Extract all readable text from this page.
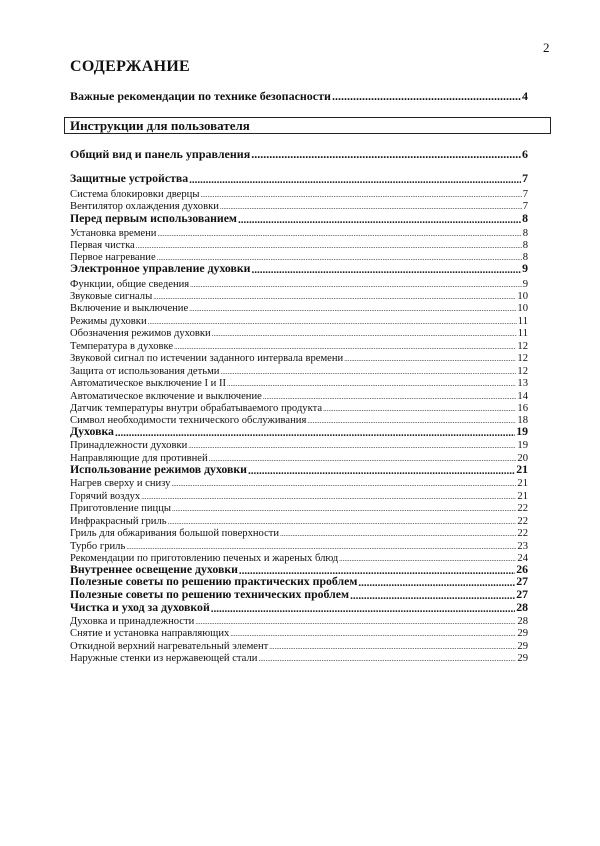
2
СОДЕРЖАНИЕ
Важные рекомендации по технике безопасности .....	4
Инструкции для пользователя
Общий вид и панель управления .....	6
Защитные устройства .....	7
Система блокировки дверцы .....	7
Вентилятор охлаждения духовки .....	7
Перед первым использованием .....	8
Установка времени .....	8
Первая чистка .....	8
Первое нагревание .....	8
Электронное управление духовки .....	9
Функции, общие сведения .....	9
Звуковые сигналы .....	10
Включение и выключение .....	10
Режимы духовки .....	11
Обозначения режимов духовки .....	11
Температура в духовке .....	12
Звуковой сигнал по истечении заданного интервала времени .....	12
Защита от использования детьми .....	12
Автоматическое выключение I и II .....	13
Автоматическое включение и выключение .....	14
Датчик температуры внутри обрабатываемого продукта .....	16
Символ необходимости технического обслуживания .....	18
Духовка .....	19
Принадлежности духовки .....	19
Направляющие для противней .....	20
Использование режимов духовки .....	21
Нагрев сверху и снизу .....	21
Горячий воздух .....	21
Приготовление пиццы .....	22
Инфракрасный гриль .....	22
Гриль для обжаривания большой поверхности .....	22
Турбо гриль .....	23
Рекомендации по приготовлению печеных и жареных блюд .....	24
Внутреннее освещение духовки .....	26
Полезные советы по решению практических проблем .....	27
Полезные советы по решению технических проблем .....	27
Чистка и уход за духовкой .....	28
Духовка и принадлежности .....	28
Снятие и установка направляющих .....	29
Откидной верхний нагревательный элемент .....	29
Наружные стенки из нержавеющей стали .....	29
